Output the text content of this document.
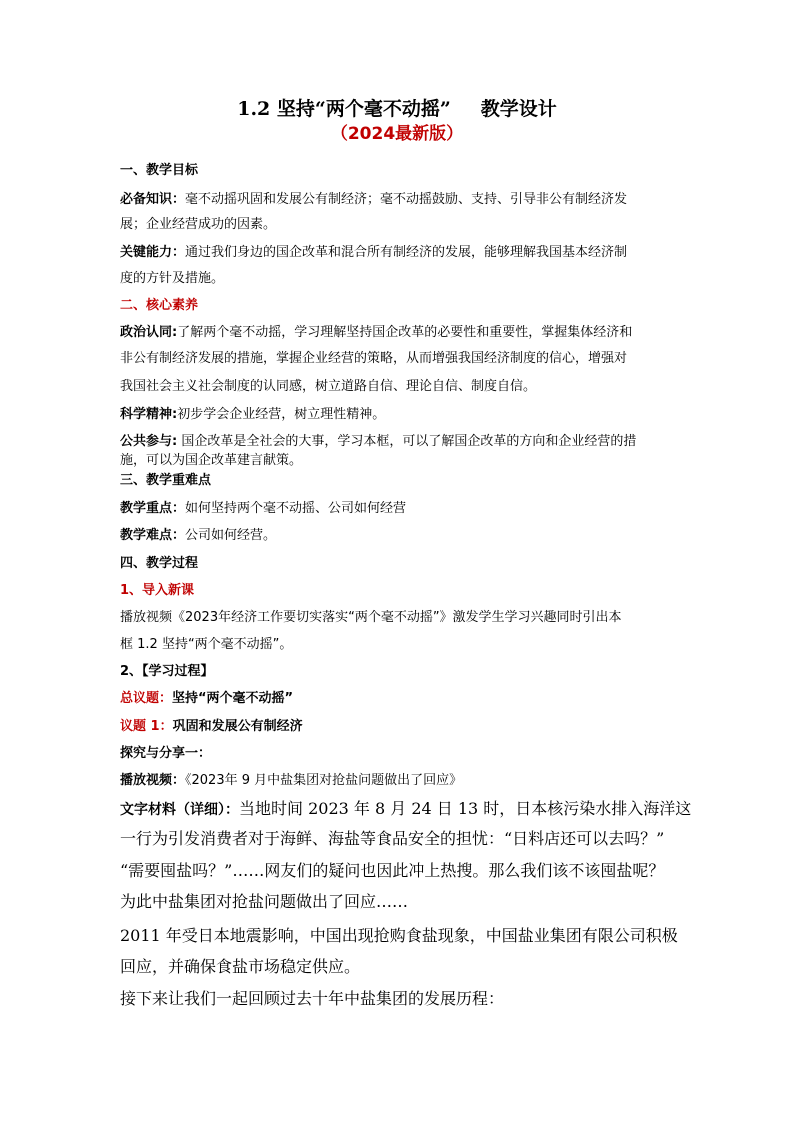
1.2 坚持“两个毫不动摇” 教学设计
（2024最新版）
一、教学目标
必备知识：毫不动摇巩固和发展公有制经济；毫不动摇鼓励、支持、引导非公有制经济发
展；企业经营成功的因素。
关键能力：通过我们身边的国企改革和混合所有制经济的发展，能够理解我国基本经济制
度的方针及措施。
二、核心素养
政治认同:了解两个毫不动摇，学习理解坚持国企改革的必要性和重要性，掌握集体经济和
非公有制经济发展的措施，掌握企业经营的策略，从而增强我国经济制度的信心，增强对
我国社会主义社会制度的认同感，树立道路自信、理论自信、制度自信。
科学精神:初步学会企业经营，树立理性精神。
公共参与: 国企改革是全社会的大事，学习本框，可以了解国企改革的方向和企业经营的措
施，可以为国企改革建言献策。
三、教学重难点
教学重点：如何坚持两个毫不动摇、公司如何经营
教学难点：公司如何经营。
四、教学过程
1、导入新课
播放视频《2023年经济工作要切实落实“两个毫不动摇”》激发学生学习兴趣同时引出本
框 1.2 坚持“两个毫不动摇”。
2、【学习过程】
总议题：坚持“两个毫不动摇”
议题 1：巩固和发展公有制经济
探究与分享一：
播放视频：《2023年 9 月中盐集团对抢盐问题做出了回应》
文字材料（详细）：当地时间 2023 年 8 月 24 日 13 时，日本核污染水排入海洋这
一行为引发消费者对于海鲜、海盐等食品安全的担忧：“日料店还可以去吗？”
“需要囤盐吗？”……网友们的疑问也因此冲上热搜。那么我们该不该囤盐呢？
为此中盐集团对抢盐问题做出了回应……
2011 年受日本地震影响，中国出现抢购食盐现象，中国盐业集团有限公司积极
回应，并确保食盐市场稳定供应。
接下来让我们一起回顾过去十年中盐集团的发展历程：
